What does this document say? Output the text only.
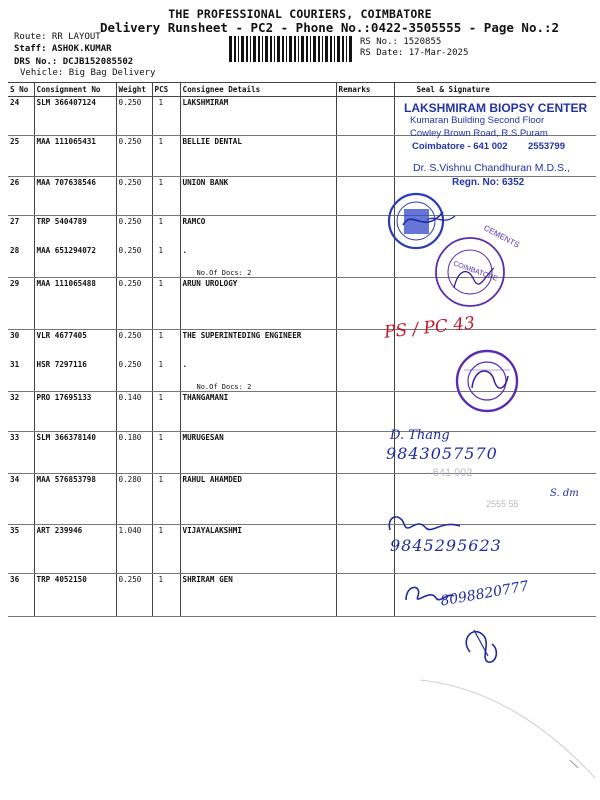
THE PROFESSIONAL COURIERS, COIMBATORE
Delivery Runsheet - PC2 - Phone No.:0422-3505555 - Page No.:2
Route: RR LAYOUT
Staff: ASHOK.KUMAR
DRS No.: DCJB152085502
Vehicle: Big Bag Delivery
RS No.: 1520855
RS Date: 17-Mar-2025
S No	Consignment No	Weight	PCS	Consignee Details	Remarks	Seal & Signature
24	SLM 366407124	0.250	1	LAKSHMIRAM		
25	MAA 111065431	0.250	1	BELLIE DENTAL		
26	MAA 707638546	0.250	1	UNION BANK		
27	TRP 5404789	0.250	1	RAMCO		
28	MAA 651294072	0.250	1	.
No.Of Docs: 2		

29	MAA 111065488	0.250	1	ARUN UROLOGY		
30	VLR 4677405	0.250	1	THE SUPERINTEDING ENGINEER		
31	HSR 7297116	0.250	1	.
No.Of Docs: 2		

32	PRO 17695133	0.140	1	THANGAMANI		
33	SLM 366378140	0.180	1	MURUGESAN		
34	MAA 576853798	0.280	1	RAHUL AHAMDED		
35	ART 239946	1.040	1	VIJAYALAKSHMI		
36	TRP 4052150	0.250	1	SHRIRAM GEN		
LAKSHMIRAM BIOPSY CENTER
Kumaran Building Second Floor
Cowley Brown Road, R.S.Puram
Coimbatore - 641 002 2553799
Dr. S.Vishnu Chandhuran M.D.S.,
Regn. No: 6352
CEMENTS
COIMBATORE
PS / PC 43
D. Thang
9843057570
- 641 002
2555 55
S. dm
9845295623
8098820777
